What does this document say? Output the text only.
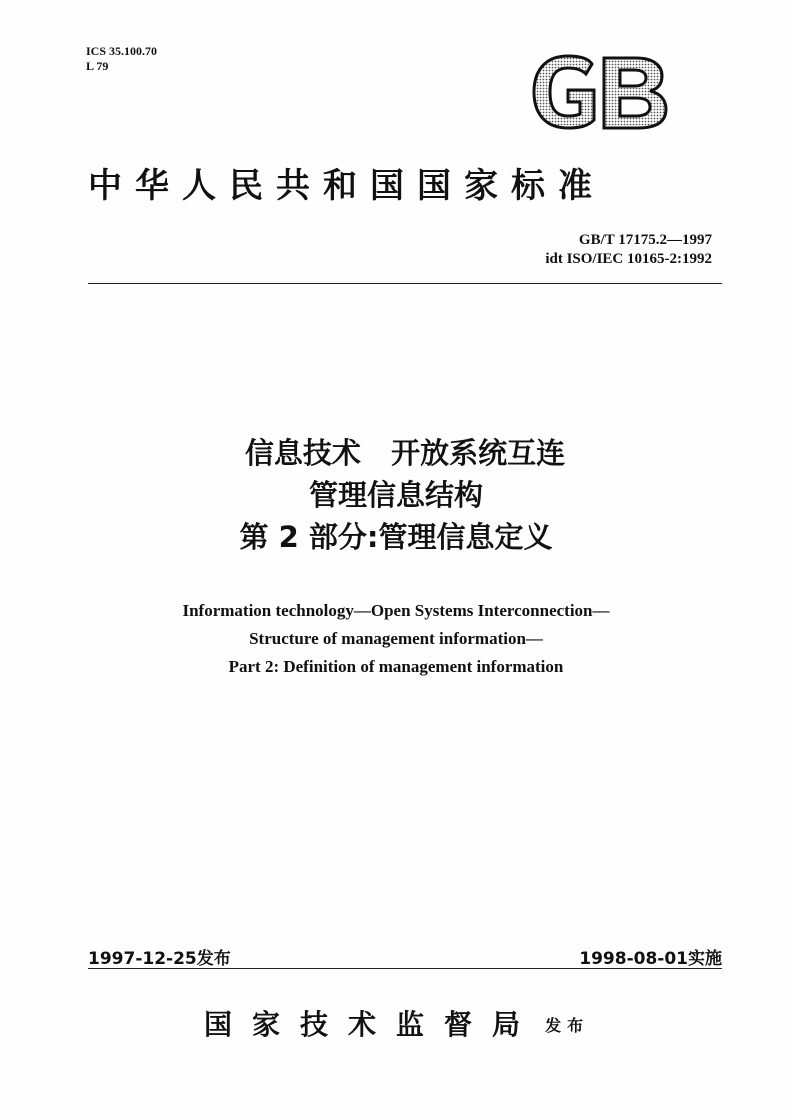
ICS 35.100.70
L 79
中华人民共和国国家标准
GB/T 17175.2—1997
idt ISO/IEC 10165-2:1992
信息技术   开放系统互连
管理信息结构
第 2 部分:管理信息定义
Information technology—Open Systems Interconnection—
Structure of management information—
Part 2: Definition of management information
1997-12-25发布	1998-08-01实施
国家技术监督局 发布
